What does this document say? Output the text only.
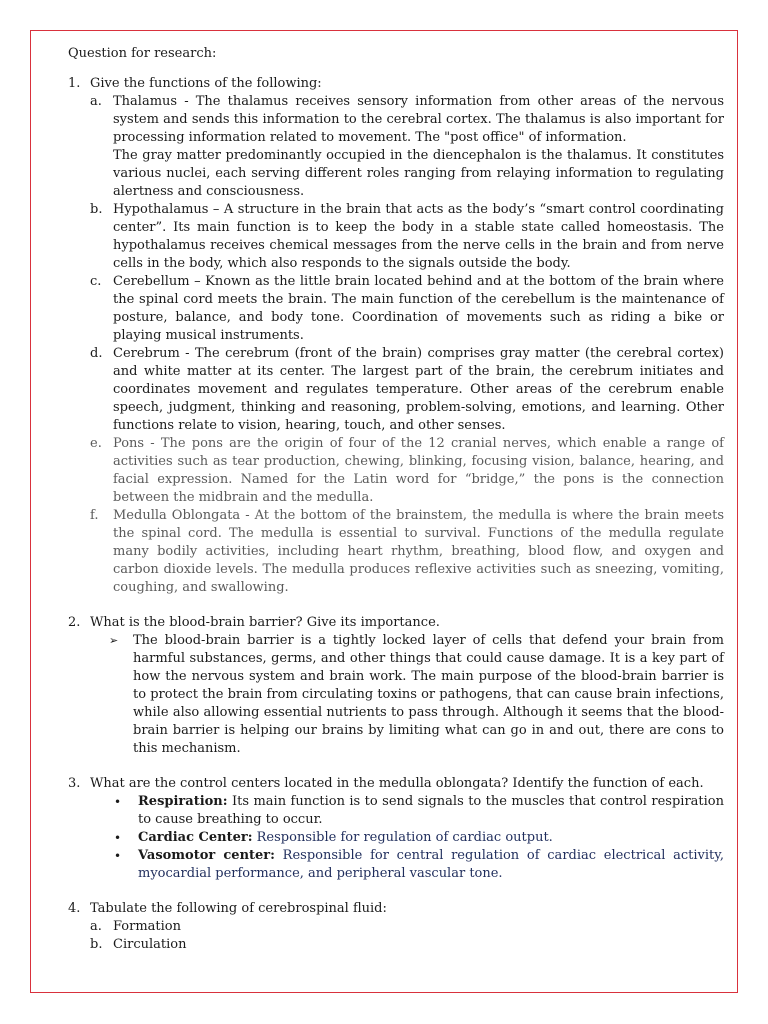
Question for research:
1. Give the functions of the following:
a. Thalamus - The thalamus receives sensory information from other areas of the nervous system and sends this information to the cerebral cortex. The thalamus is also important for processing information related to movement. The "post office" of information.

The gray matter predominantly occupied in the diencephalon is the thalamus. It constitutes various nuclei, each serving different roles ranging from relaying information to regulating alertness and consciousness.

b. Hypothalamus – A structure in the brain that acts as the body’s “smart control coordinating center”. Its main function is to keep the body in a stable state called homeostasis. The hypothalamus receives chemical messages from the nerve cells in the brain and from nerve cells in the body, which also responds to the signals outside the body.

c. Cerebellum – Known as the little brain located behind and at the bottom of the brain where the spinal cord meets the brain. The main function of the cerebellum is the maintenance of posture, balance, and body tone. Coordination of movements such as riding a bike or playing musical instruments.

d. Cerebrum - The cerebrum (front of the brain) comprises gray matter (the cerebral cortex) and white matter at its center. The largest part of the brain, the cerebrum initiates and coordinates movement and regulates temperature. Other areas of the cerebrum enable speech, judgment, thinking and reasoning, problem-solving, emotions, and learning. Other functions relate to vision, hearing, touch, and other senses.

e. Pons - The pons are the origin of four of the 12 cranial nerves, which enable a range of activities such as tear production, chewing, blinking, focusing vision, balance, hearing, and facial expression. Named for the Latin word for “bridge,” the pons is the connection between the midbrain and the medulla.

f.	Medulla Oblongata - At the bottom of the brainstem, the medulla is where the brain meets the spinal cord. The medulla is essential to survival. Functions of the medulla regulate many bodily activities, including heart rhythm, breathing, blood flow, and oxygen and carbon dioxide levels. The medulla produces reflexive activities such as sneezing, vomiting, coughing, and swallowing.

2. What is the blood-brain barrier? Give its importance.
➢	The blood-brain barrier is a tightly locked layer of cells that defend your brain from harmful substances, germs, and other things that could cause damage. It is a key part of how the nervous system and brain work. The main purpose of the blood-brain barrier is to protect the brain from circulating toxins or pathogens, that can cause brain infections, while also allowing essential nutrients to pass through. Although it seems that the blood-brain barrier is helping our brains by limiting what can go in and out, there are cons to this mechanism.
3. What are the control centers located in the medulla oblongata? Identify the function of each.
•	Respiration: Its main function is to send signals to the muscles that control respiration to cause breathing to occur.
•	Cardiac Center: Responsible for regulation of cardiac output.
•	Vasomotor center: Responsible for central regulation of cardiac electrical activity, myocardial performance, and peripheral vascular tone.
4. Tabulate the following of cerebrospinal fluid:
a. Formation
b. Circulation
